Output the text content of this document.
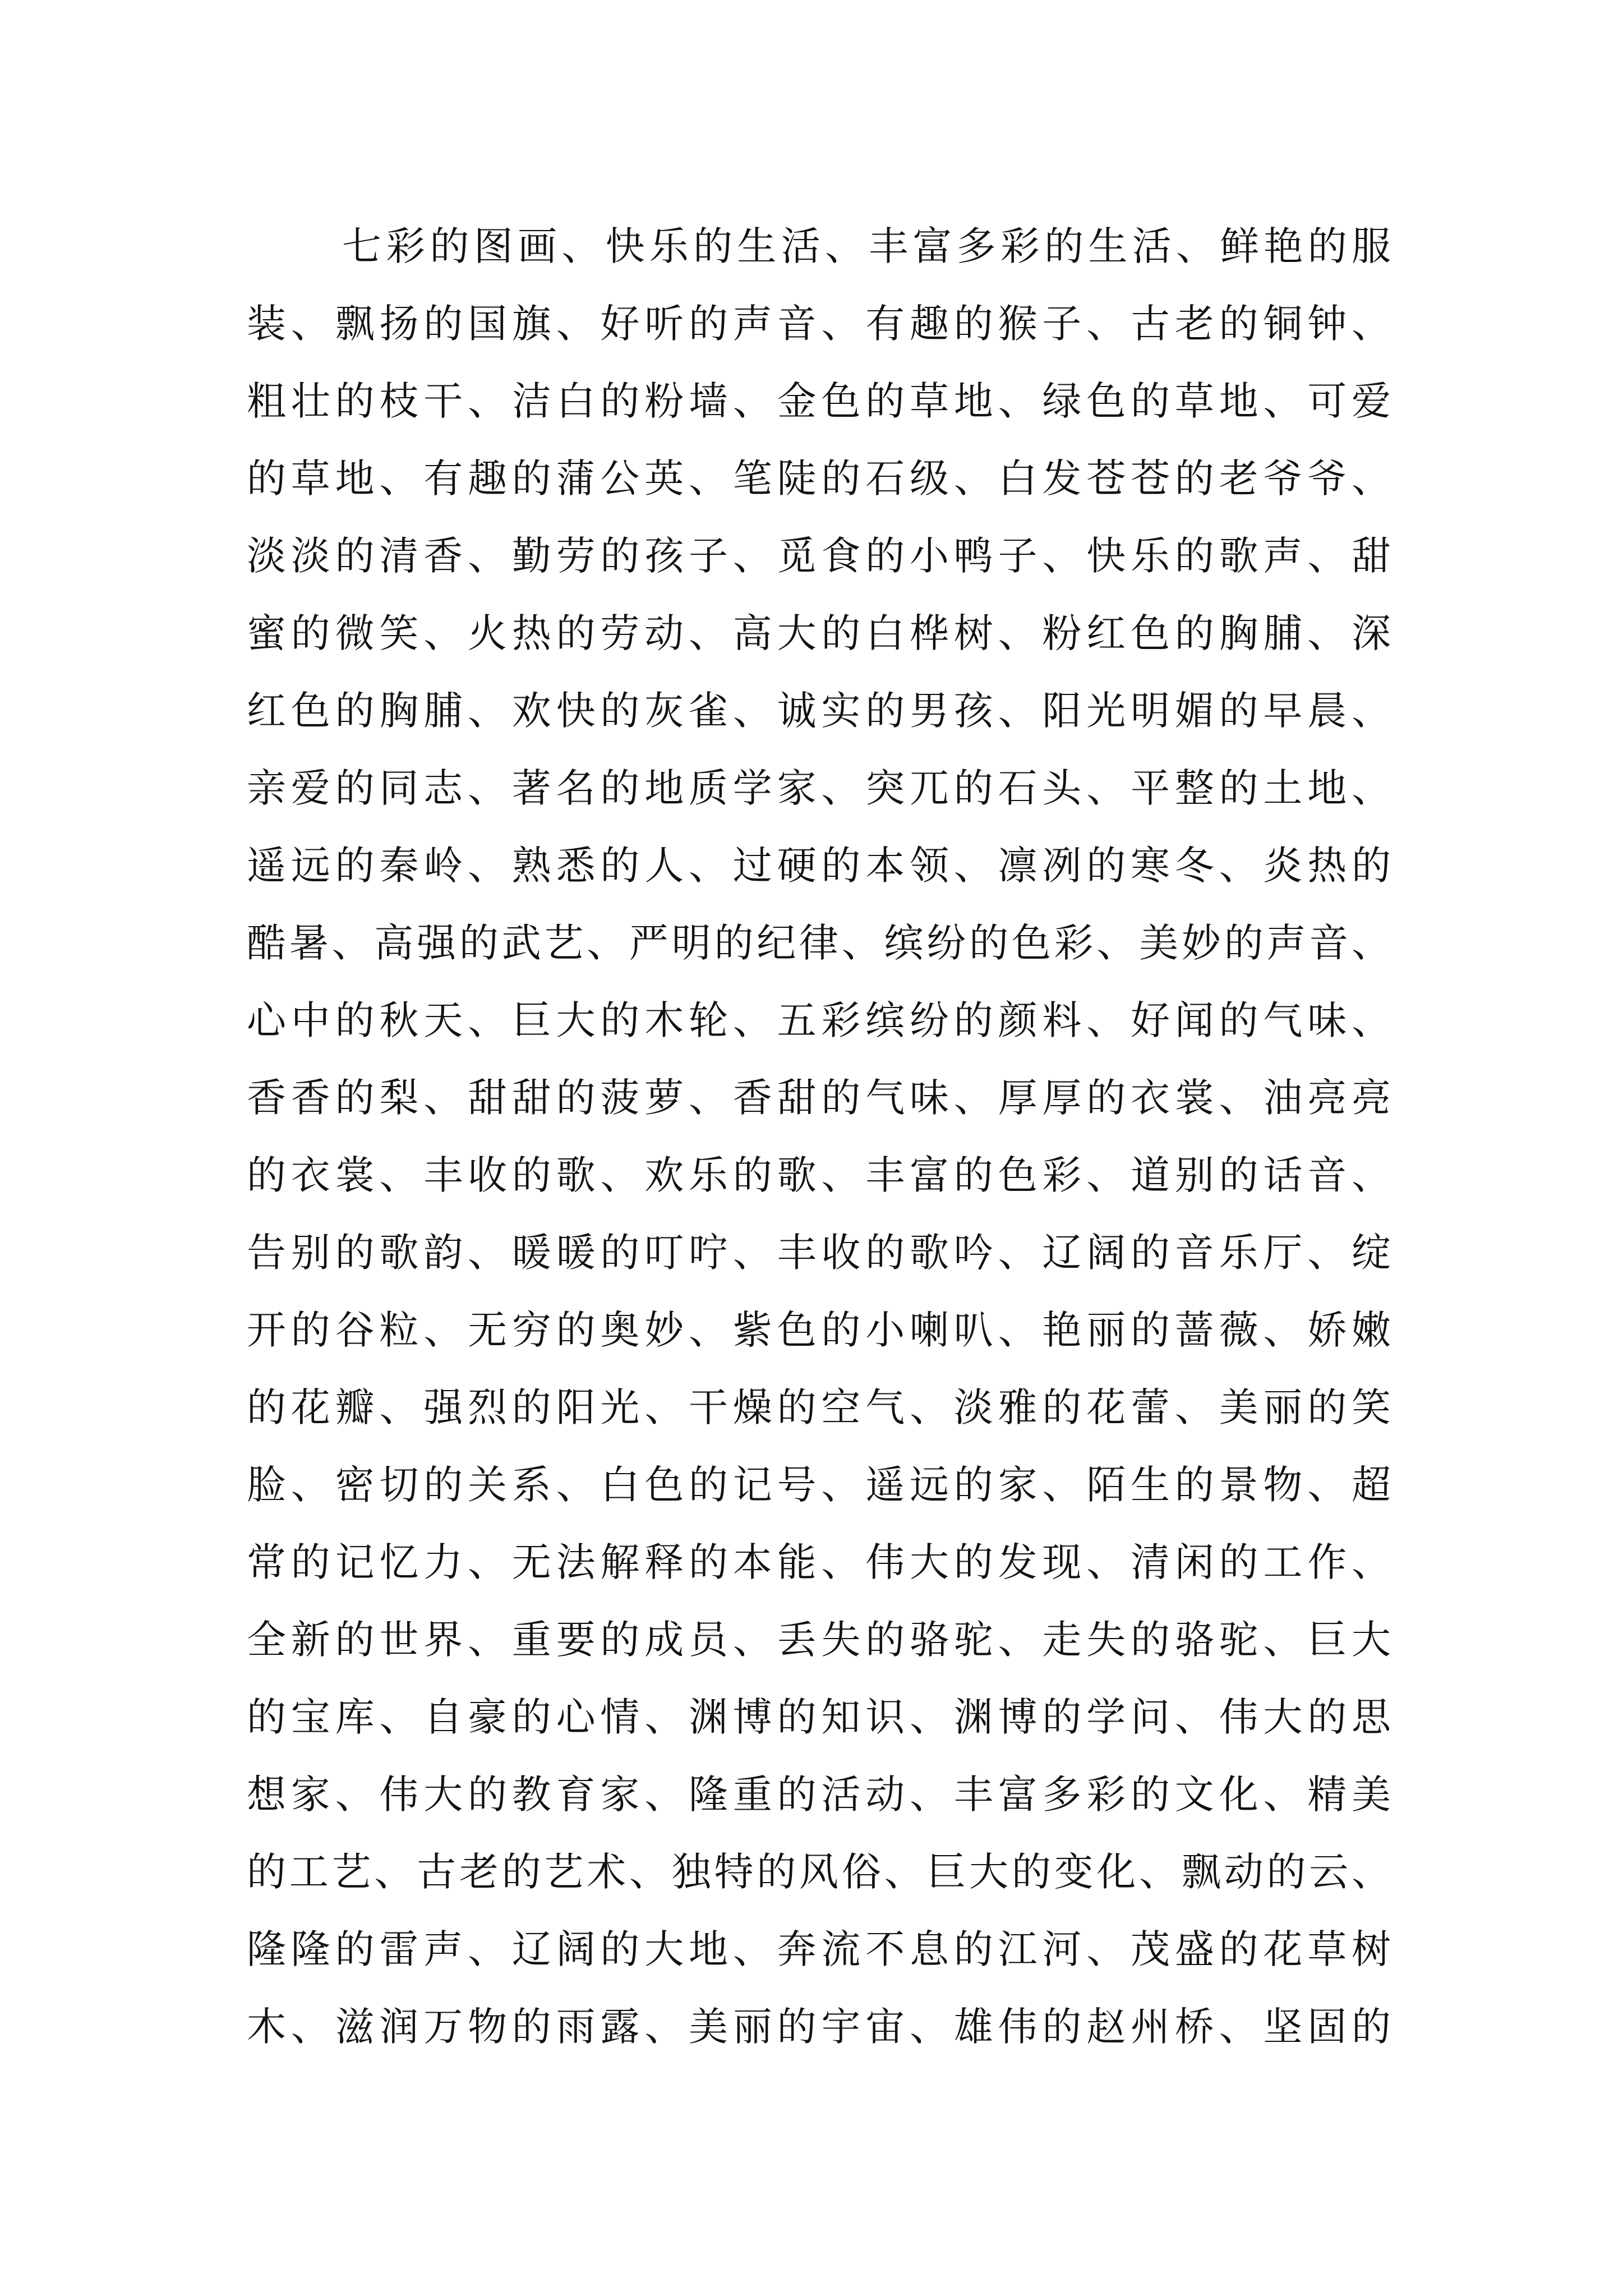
七彩的图画、快乐的生活、丰富多彩的生活、鲜艳的服
装、飘扬的国旗、好听的声音、有趣的猴子、古老的铜钟、
粗壮的枝干、洁白的粉墙、金色的草地、绿色的草地、可爱
的草地、有趣的蒲公英、笔陡的石级、白发苍苍的老爷爷、
淡淡的清香、勤劳的孩子、觅食的小鸭子、快乐的歌声、甜
蜜的微笑、火热的劳动、高大的白桦树、粉红色的胸脯、深
红色的胸脯、欢快的灰雀、诚实的男孩、阳光明媚的早晨、
亲爱的同志、著名的地质学家、突兀的石头、平整的土地、
遥远的秦岭、熟悉的人、过硬的本领、凛冽的寒冬、炎热的
酷暑、高强的武艺、严明的纪律、缤纷的色彩、美妙的声音、
心中的秋天、巨大的木轮、五彩缤纷的颜料、好闻的气味、
香香的梨、甜甜的菠萝、香甜的气味、厚厚的衣裳、油亮亮
的衣裳、丰收的歌、欢乐的歌、丰富的色彩、道别的话音、
告别的歌韵、暖暖的叮咛、丰收的歌吟、辽阔的音乐厅、绽
开的谷粒、无穷的奥妙、紫色的小喇叭、艳丽的蔷薇、娇嫩
的花瓣、强烈的阳光、干燥的空气、淡雅的花蕾、美丽的笑
脸、密切的关系、白色的记号、遥远的家、陌生的景物、超
常的记忆力、无法解释的本能、伟大的发现、清闲的工作、
全新的世界、重要的成员、丢失的骆驼、走失的骆驼、巨大
的宝库、自豪的心情、渊博的知识、渊博的学问、伟大的思
想家、伟大的教育家、隆重的活动、丰富多彩的文化、精美
的工艺、古老的艺术、独特的风俗、巨大的变化、飘动的云、
隆隆的雷声、辽阔的大地、奔流不息的江河、茂盛的花草树
木、滋润万物的雨露、美丽的宇宙、雄伟的赵州桥、坚固的
